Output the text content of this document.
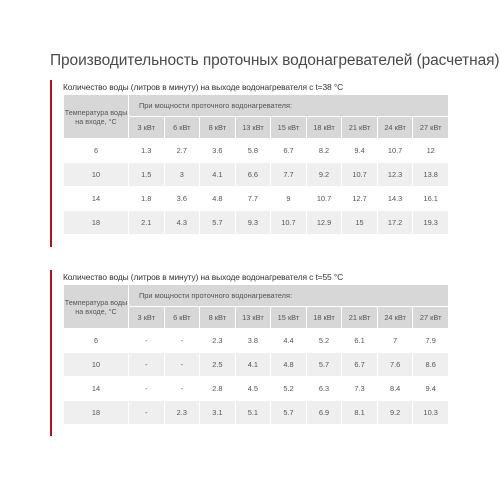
Производительность проточных водонагревателей (расчетная)
Количество воды (литров в минуту) на выходе водонагревателя с t=38 °С
Температура воды на входе, °С	При мощности проточного водонагревателя:								
	3 кВт	6 кВт	8 кВт	13 кВт	15 кВт	18 кВт	21 кВт	24 кВт	27 кВт
6	1.3	2.7	3.6	5.8	6.7	8.2	9.4	10.7	12
10	1.5	3	4.1	6.6	7.7	9.2	10.7	12.3	13.8
14	1.8	3.6	4.8	7.7	9	10.7	12.7	14.3	16.1
18	2.1	4.3	5.7	9.3	10.7	12.9	15	17.2	19.3
Количество воды (литров в минуту) на выходе водонагревателя с t=55 °С
Температура воды на входе, °С	При мощности проточного водонагревателя:								
	3 кВт	6 кВт	8 кВт	13 кВт	15 кВт	18 кВт	21 кВт	24 кВт	27 кВт
6	-	-	2.3	3.8	4.4	5.2	6.1	7	7.9
10	-	-	2.5	4.1	4.8	5.7	6.7	7.6	8.6
14	-	-	2.8	4.5	5.2	6.3	7.3	8.4	9.4
18	-	2.3	3.1	5.1	5.7	6.9	8.1	9.2	10.3
